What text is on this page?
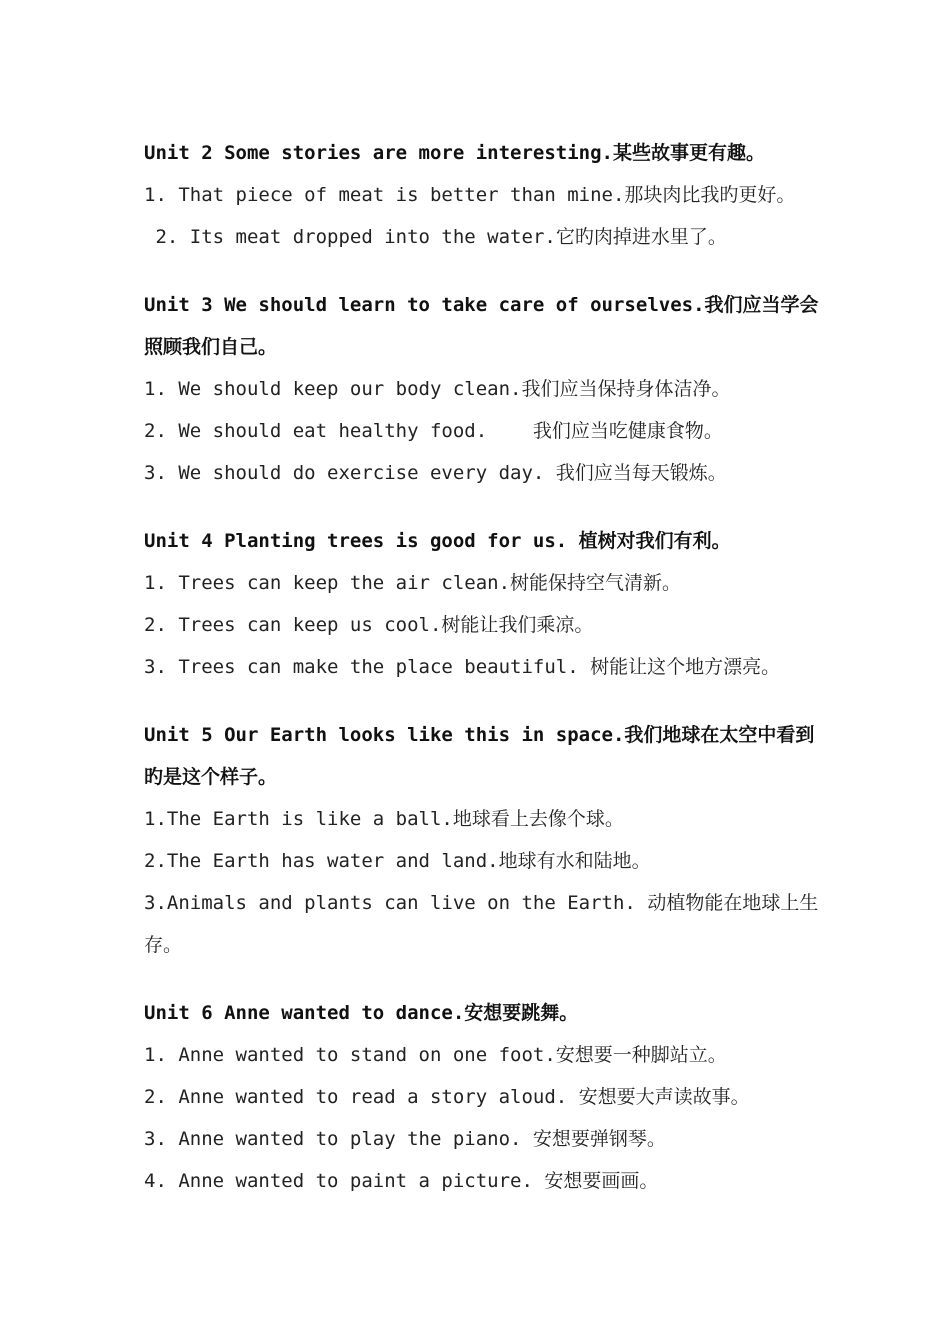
Unit 2 Some stories are more interesting.某些故事更有趣。

1. That piece of meat is better than mine.那块肉比我旳更好。

2. Its meat dropped into the water.它旳肉掉进水里了。

Unit 3 We should learn to take care of ourselves.我们应当学会照顾我们自己。

1. We should keep our body clean.我们应当保持身体洁净。

2. We should eat healthy food.    我们应当吃健康食物。

3. We should do exercise every day. 我们应当每天锻炼。

Unit 4 Planting trees is good for us. 植树对我们有利。

1. Trees can keep the air clean.树能保持空气清新。

2. Trees can keep us cool.树能让我们乘凉。

3. Trees can make the place beautiful. 树能让这个地方漂亮。

Unit 5 Our Earth looks like this in space.我们地球在太空中看到旳是这个样子。

1.The Earth is like a ball.地球看上去像个球。

2.The Earth has water and land.地球有水和陆地。

3.Animals and plants can live on the Earth. 动植物能在地球上生存。

Unit 6 Anne wanted to dance.安想要跳舞。

1. Anne wanted to stand on one foot.安想要一种脚站立。

2. Anne wanted to read a story aloud. 安想要大声读故事。

3. Anne wanted to play the piano. 安想要弹钢琴。

4. Anne wanted to paint a picture. 安想要画画。
